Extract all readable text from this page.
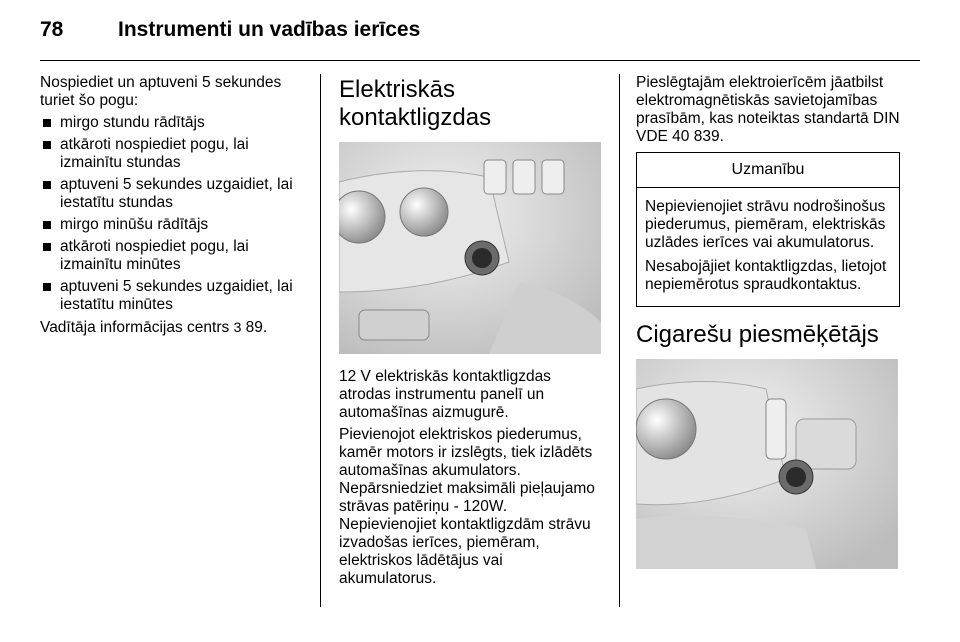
78	Instrumenti un vadības ierīces

Nospiediet un aptuveni 5 sekundes turiet šo pogu:

mirgo stundu rādītājs
atkāroti nospiediet pogu, lai izmainītu stundas
aptuveni 5 sekundes uzgaidiet, lai iestatītu stundas
mirgo minūšu rādītājs
atkāroti nospiediet pogu, lai izmainītu minūtes
aptuveni 5 sekundes uzgaidiet, lai iestatītu minūtes

Vadītāja informācijas centrs 3 89.

Elektriskās kontaktligzdas

12 V elektriskās kontaktligzdas atrodas instrumentu panelī un automašīnas aizmugurē.

Pievienojot elektriskos piederumus, kamēr motors ir izslēgts, tiek izlādēts automašīnas akumulators. Nepārsniedziet maksimāli pieļaujamo strāvas patēriņu - 120W. Nepievienojiet kontaktligzdām strāvu izvadošas ierīces, piemēram, elektriskos lādētājus vai akumulatorus.

Pieslēgtajām elektroierīcēm jāatbilst elektromagnētiskās savietojamības prasībām, kas noteiktas standartā DIN VDE 40 839.

Uzmanību

Nepievienojiet strāvu nodrošinošus piederumus, piemēram, elektriskās uzlādes ierīces vai akumulatorus.

Nesabojājiet kontaktligzdas, lietojot nepiemērotus spraudkontaktus.

Cigarešu piesmēķētājs
